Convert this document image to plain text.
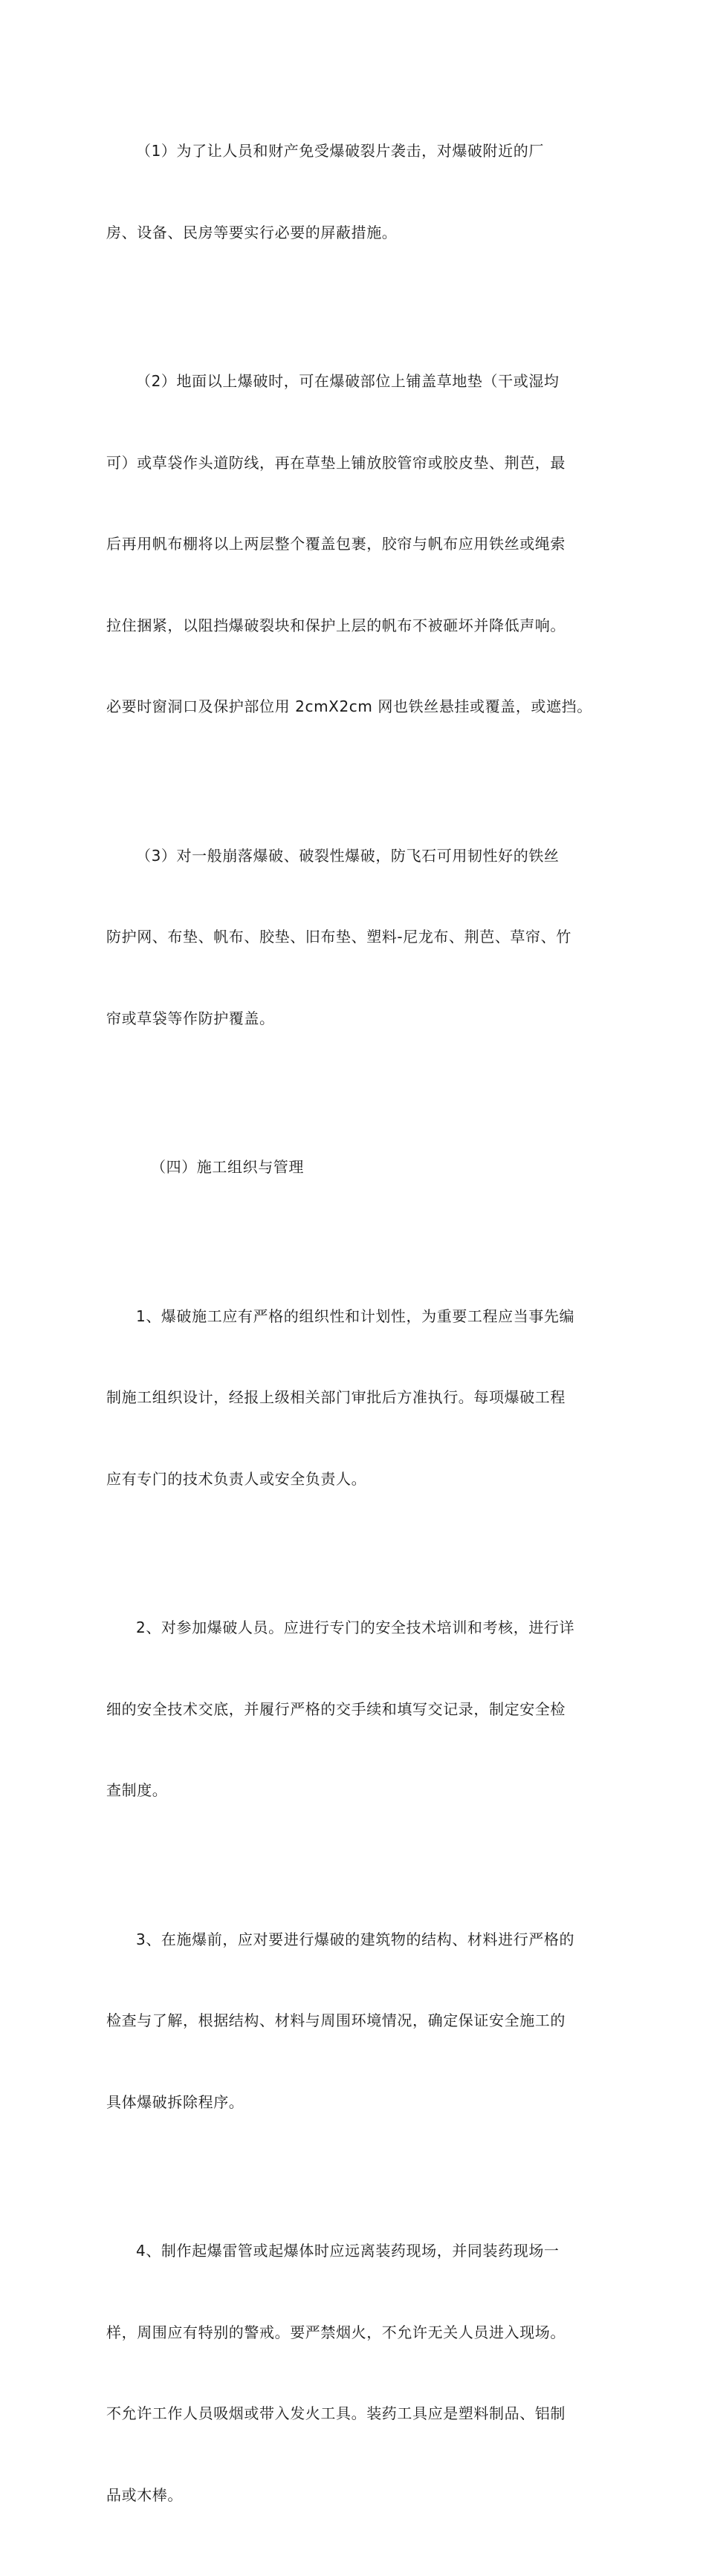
（1）为了让人员和财产免受爆破裂片袭击，对爆破附近的厂

房、设备、民房等要实行必要的屏蔽措施。

（2）地面以上爆破时，可在爆破部位上铺盖草地垫（干或湿均

可）或草袋作头道防线，再在草垫上铺放胶管帘或胶皮垫、荆芭，最

后再用帆布棚将以上两层整个覆盖包裹，胶帘与帆布应用铁丝或绳索

拉住捆紧，以阻挡爆破裂块和保护上层的帆布不被砸坏并降低声响。

必要时窗洞口及保护部位用 2cmX2cm 网也铁丝悬挂或覆盖，或遮挡。

（3）对一般崩落爆破、破裂性爆破，防飞石可用韧性好的铁丝

防护网、布垫、帆布、胶垫、旧布垫、塑料-尼龙布、荆芭、草帘、竹

帘或草袋等作防护覆盖。

（四）施工组织与管理

1、爆破施工应有严格的组织性和计划性，为重要工程应当事先编

制施工组织设计，经报上级相关部门审批后方准执行。每项爆破工程

应有专门的技术负责人或安全负责人。

2、对参加爆破人员。应进行专门的安全技术培训和考核，进行详

细的安全技术交底，并履行严格的交手续和填写交记录，制定安全检

查制度。

3、在施爆前，应对要进行爆破的建筑物的结构、材料进行严格的

检查与了解，根据结构、材料与周围环境情况，确定保证安全施工的

具体爆破拆除程序。

4、制作起爆雷管或起爆体时应远离装药现场，并同装药现场一

样，周围应有特别的警戒。要严禁烟火，不允许无关人员进入现场。

不允许工作人员吸烟或带入发火工具。装药工具应是塑料制品、铝制

品或木棒。
